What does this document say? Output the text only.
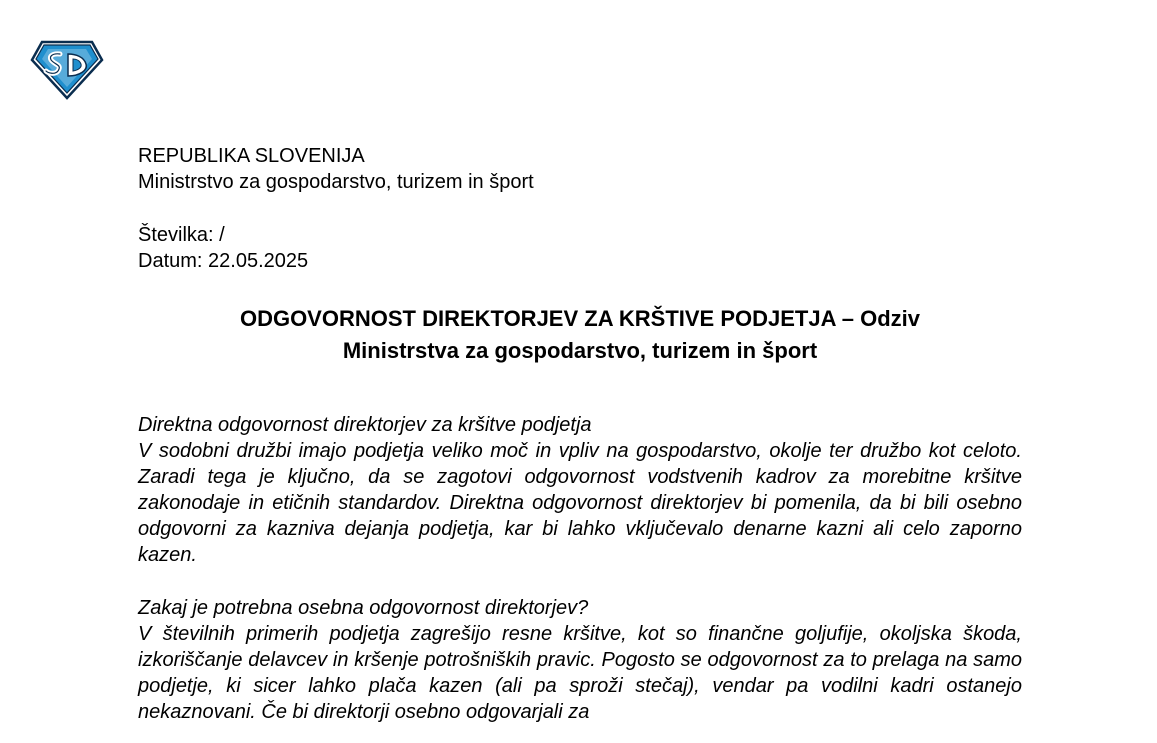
REPUBLIKA SLOVENIJA
Ministrstvo za gospodarstvo, turizem in šport
Številka: /
Datum: 22.05.2025
ODGOVORNOST DIREKTORJEV ZA KRŠTIVE PODJETJA – Odziv
Ministrstva za gospodarstvo, turizem in šport
Direktna odgovornost direktorjev za kršitve podjetja
V sodobni družbi imajo podjetja veliko moč in vpliv na gospodarstvo, okolje ter družbo kot celoto. Zaradi tega je ključno, da se zagotovi odgovornost vodstvenih kadrov za morebitne kršitve zakonodaje in etičnih standardov. Direktna odgovornost direktorjev bi pomenila, da bi bili osebno odgovorni za kazniva dejanja podjetja, kar bi lahko vključevalo denarne kazni ali celo zaporno kazen.
Zakaj je potrebna osebna odgovornost direktorjev?
V številnih primerih podjetja zagrešijo resne kršitve, kot so finančne goljufije, okoljska škoda, izkoriščanje delavcev in kršenje potrošniških pravic. Pogosto se odgovornost za to prelaga na samo podjetje, ki sicer lahko plača kazen (ali pa sproži stečaj), vendar pa vodilni kadri ostanejo nekaznovani. Če bi direktorji osebno odgovarjali za
